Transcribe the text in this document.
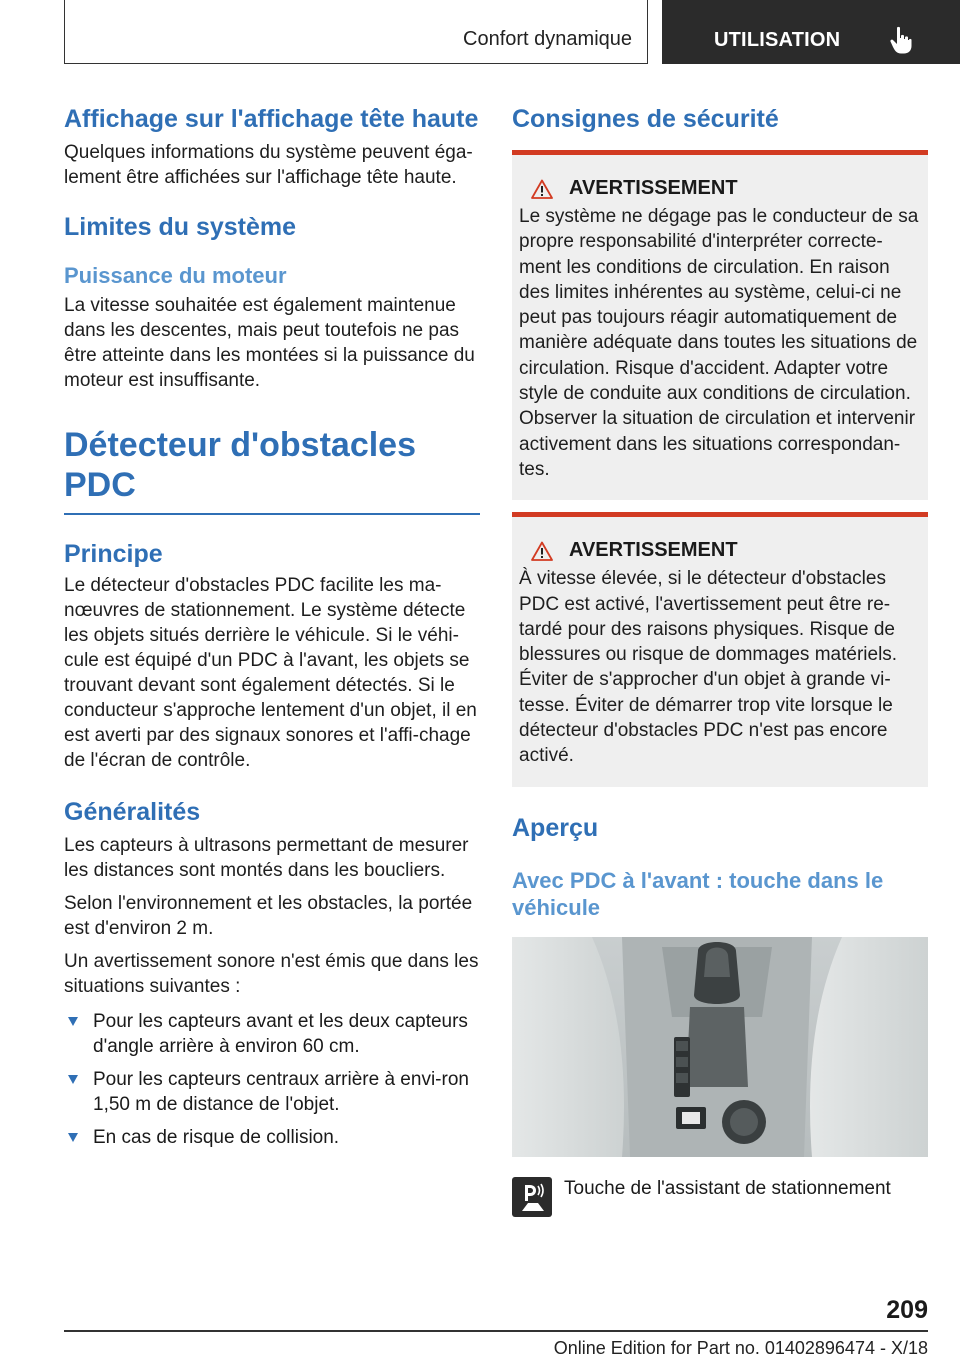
Confort dynamique	UTILISATION
Affichage sur l'affichage tête haute

Quelques informations du système peuvent éga-lement être affichées sur l'affichage tête haute.

Limites du système
Puissance du moteur

La vitesse souhaitée est également maintenue dans les descentes, mais peut toutefois ne pas être atteinte dans les montées si la puissance du moteur est insuffisante.

Détecteur d'obstacles PDC
Principe

Le détecteur d'obstacles PDC facilite les ma-nœuvres de stationnement. Le système détecte les objets situés derrière le véhicule. Si le véhi-cule est équipé d'un PDC à l'avant, les objets se trouvant devant sont également détectés. Si le conducteur s'approche lentement d'un objet, il en est averti par des signaux sonores et l'affi-chage de l'écran de contrôle.

Généralités

Les capteurs à ultrasons permettant de mesurer les distances sont montés dans les boucliers.

Selon l'environnement et les obstacles, la portée est d'environ 2 m.

Un avertissement sonore n'est émis que dans les situations suivantes :

Pour les capteurs avant et les deux capteurs d'angle arrière à environ 60 cm.
Pour les capteurs centraux arrière à envi-ron 1,50 m de distance de l'objet.
En cas de risque de collision.
Consignes de sécurité
AVERTISSEMENT

Le système ne dégage pas le conducteur de sa propre responsabilité d'interpréter correcte-ment les conditions de circulation. En raison des limites inhérentes au système, celui-ci ne peut pas toujours réagir automatiquement de manière adéquate dans toutes les situations de circulation. Risque d'accident. Adapter votre style de conduite aux conditions de circulation. Observer la situation de circulation et intervenir activement dans les situations correspondan-tes.

AVERTISSEMENT

À vitesse élevée, si le détecteur d'obstacles PDC est activé, l'avertissement peut être re-tardé pour des raisons physiques. Risque de blessures ou risque de dommages matériels. Éviter de s'approcher d'un objet à grande vi-tesse. Éviter de démarrer trop vite lorsque le détecteur d'obstacles PDC n'est pas encore activé.

Aperçu
Avec PDC à l'avant : touche dans le véhicule
Touche de l'assistant de stationnement
209
Online Edition for Part no. 01402896474 - X/18
